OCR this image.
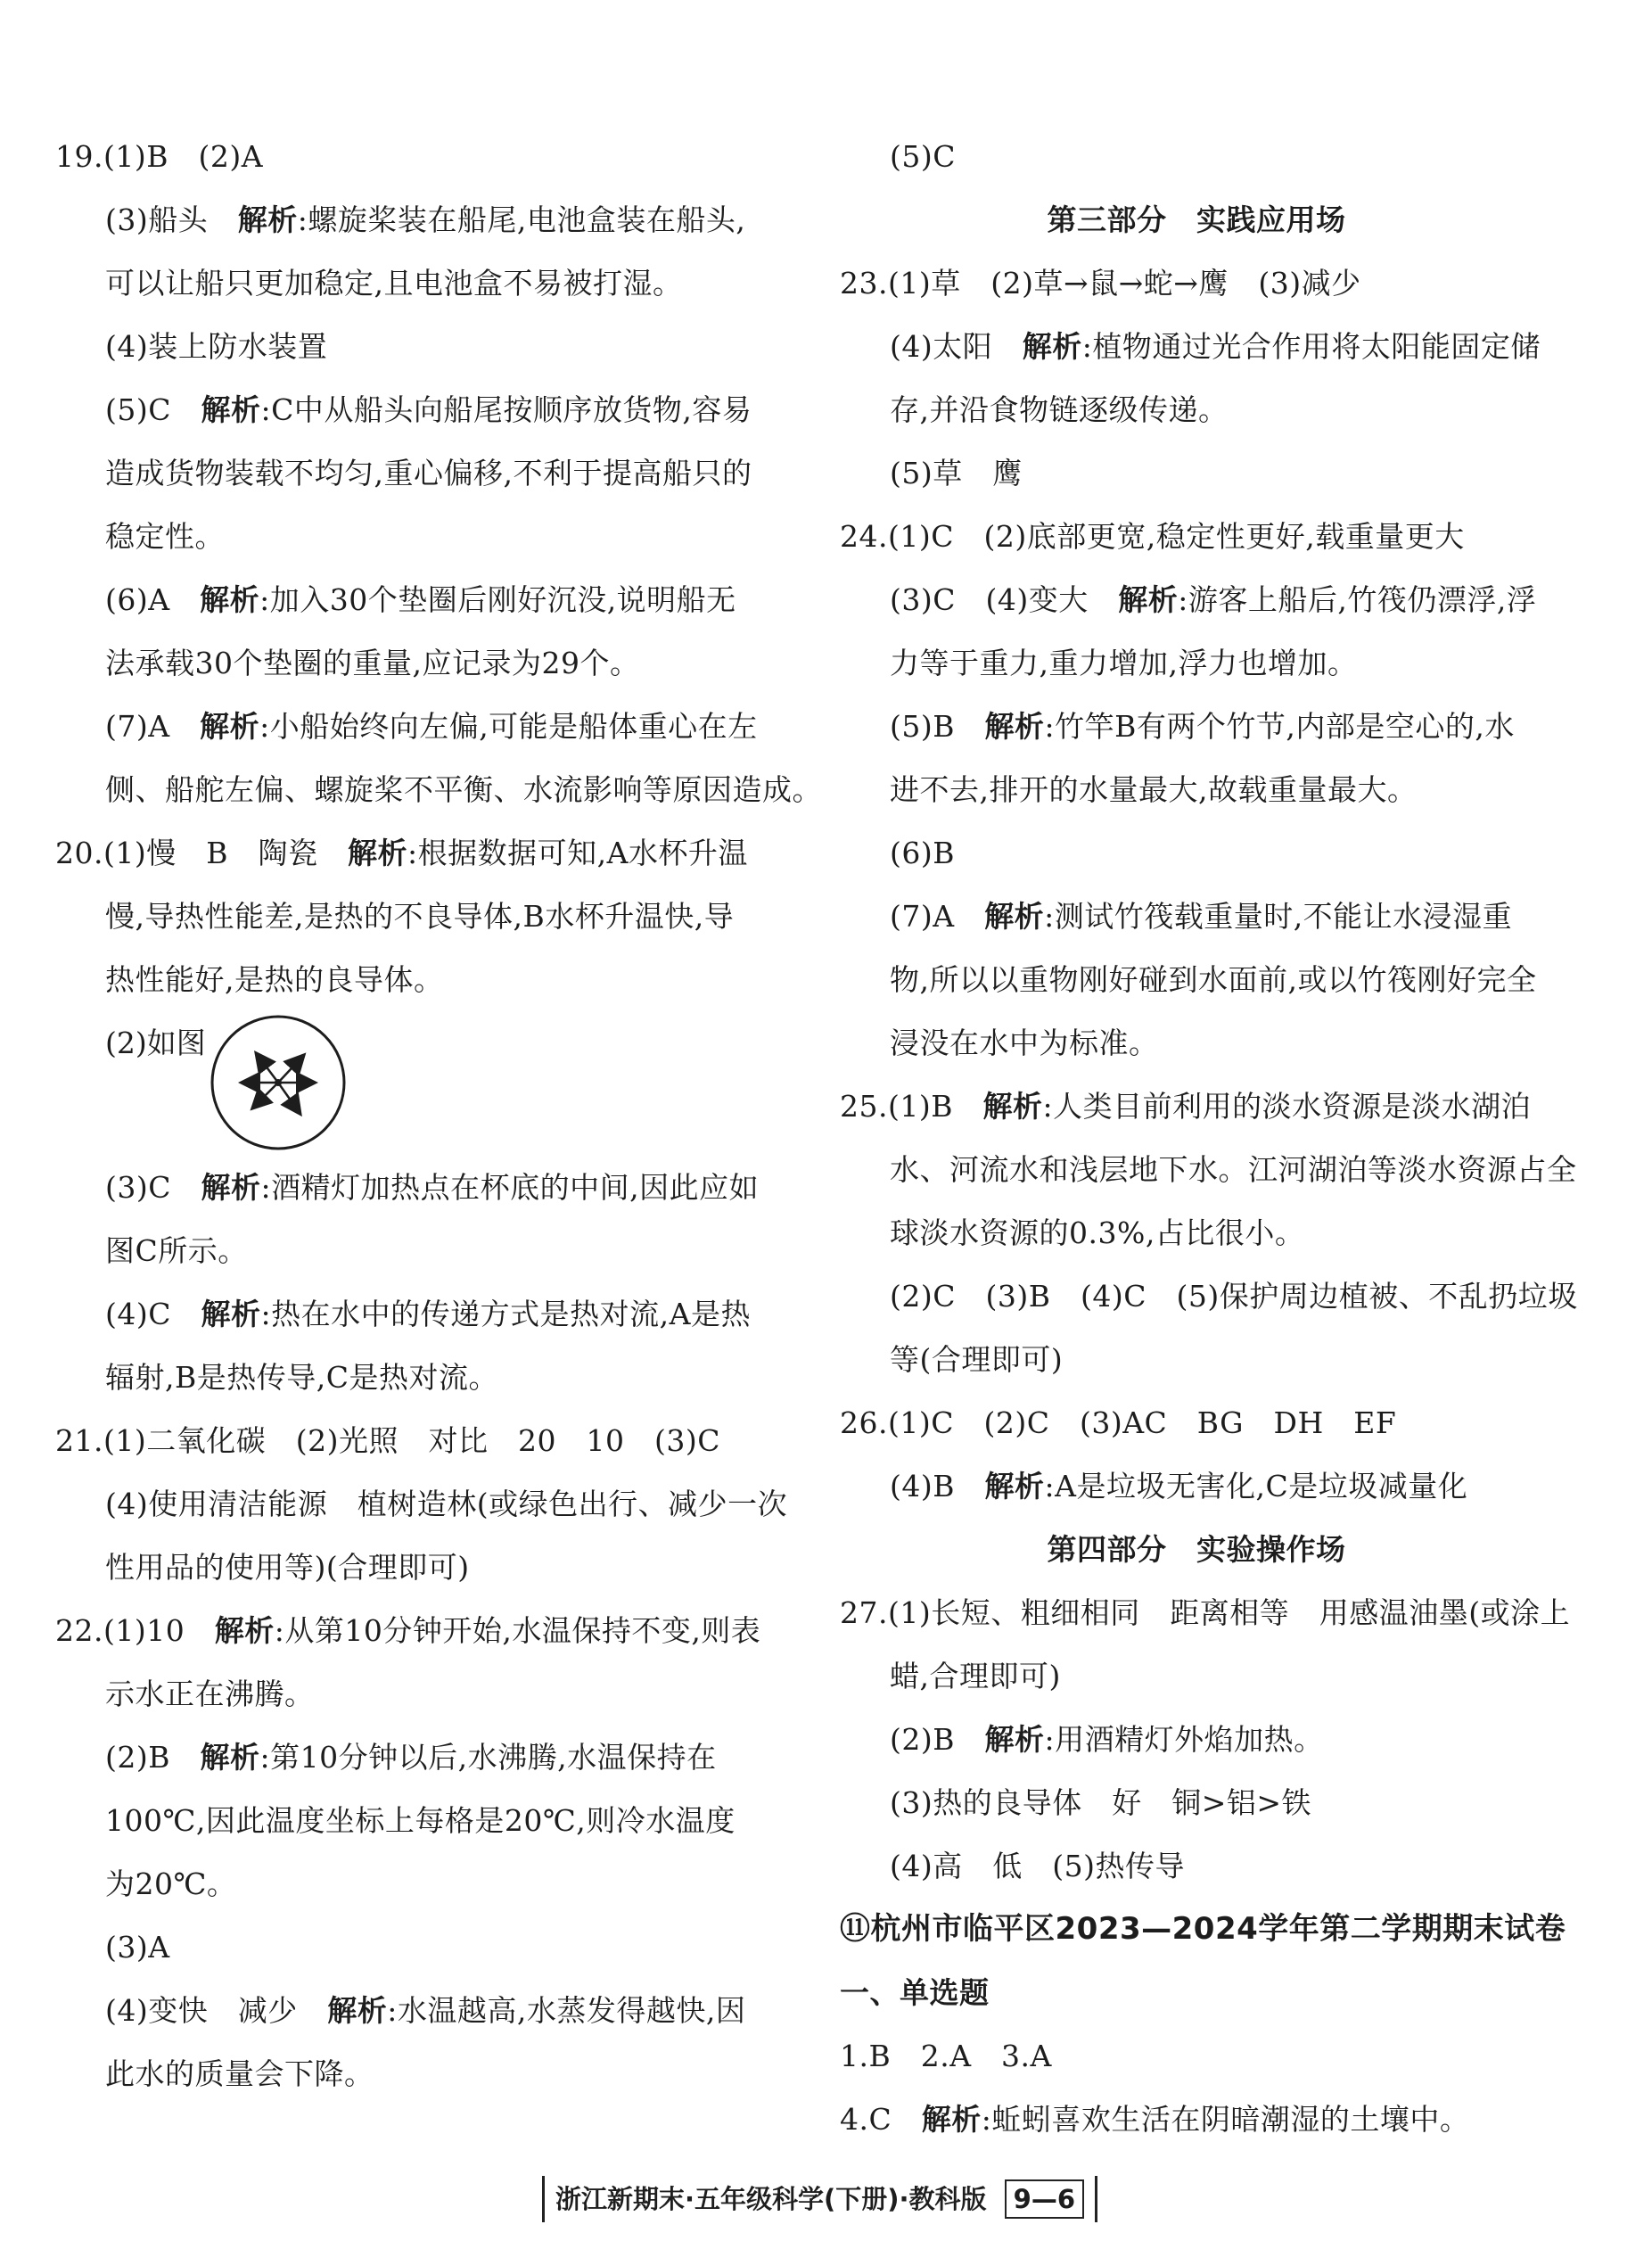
19.(1)B　(2)A
(3)船头　解析:螺旋桨装在船尾,电池盒装在船头,
可以让船只更加稳定,且电池盒不易被打湿。
(4)装上防水装置
(5)C　解析:C中从船头向船尾按顺序放货物,容易
造成货物装载不均匀,重心偏移,不利于提高船只的
稳定性。
(6)A　解析:加入30个垫圈后刚好沉没,说明船无
法承载30个垫圈的重量,应记录为29个。
(7)A　解析:小船始终向左偏,可能是船体重心在左
侧、船舵左偏、螺旋桨不平衡、水流影响等原因造成。
20.(1)慢　B　陶瓷　解析:根据数据可知,A水杯升温
慢,导热性能差,是热的不良导体,B水杯升温快,导
热性能好,是热的良导体。
(2)如图
(3)C　解析:酒精灯加热点在杯底的中间,因此应如
图C所示。
(4)C　解析:热在水中的传递方式是热对流,A是热
辐射,B是热传导,C是热对流。
21.(1)二氧化碳　(2)光照　对比　20　10　(3)C
(4)使用清洁能源　植树造林(或绿色出行、减少一次
性用品的使用等)(合理即可)
22.(1)10　解析:从第10分钟开始,水温保持不变,则表
示水正在沸腾。
(2)B　解析:第10分钟以后,水沸腾,水温保持在
100℃,因此温度坐标上每格是20℃,则冷水温度
为20℃。
(3)A
(4)变快　减少　解析:水温越高,水蒸发得越快,因
此水的质量会下降。
(5)C
第三部分　实践应用场
23.(1)草　(2)草→鼠→蛇→鹰　(3)减少
(4)太阳　解析:植物通过光合作用将太阳能固定储
存,并沿食物链逐级传递。
(5)草　鹰
24.(1)C　(2)底部更宽,稳定性更好,载重量更大
(3)C　(4)变大　解析:游客上船后,竹筏仍漂浮,浮
力等于重力,重力增加,浮力也增加。
(5)B　解析:竹竿B有两个竹节,内部是空心的,水
进不去,排开的水量最大,故载重量最大。
(6)B
(7)A　解析:测试竹筏载重量时,不能让水浸湿重
物,所以以重物刚好碰到水面前,或以竹筏刚好完全
浸没在水中为标准。
25.(1)B　解析:人类目前利用的淡水资源是淡水湖泊
水、河流水和浅层地下水。江河湖泊等淡水资源占全
球淡水资源的0.3%,占比很小。
(2)C　(3)B　(4)C　(5)保护周边植被、不乱扔垃圾
等(合理即可)
26.(1)C　(2)C　(3)AC　BG　DH　EF
(4)B　解析:A是垃圾无害化,C是垃圾减量化
第四部分　实验操作场
27.(1)长短、粗细相同　距离相等　用感温油墨(或涂上
蜡,合理即可)
(2)B　解析:用酒精灯外焰加热。
(3)热的良导体　好　铜>铝>铁
(4)高　低　(5)热传导
⑪杭州市临平区2023—2024学年第二学期期末试卷
一、单选题
1.B　2.A　3.A
4.C　解析:蚯蚓喜欢生活在阴暗潮湿的土壤中。
浙江新期末·五年级科学(下册)·教科版 9—6
